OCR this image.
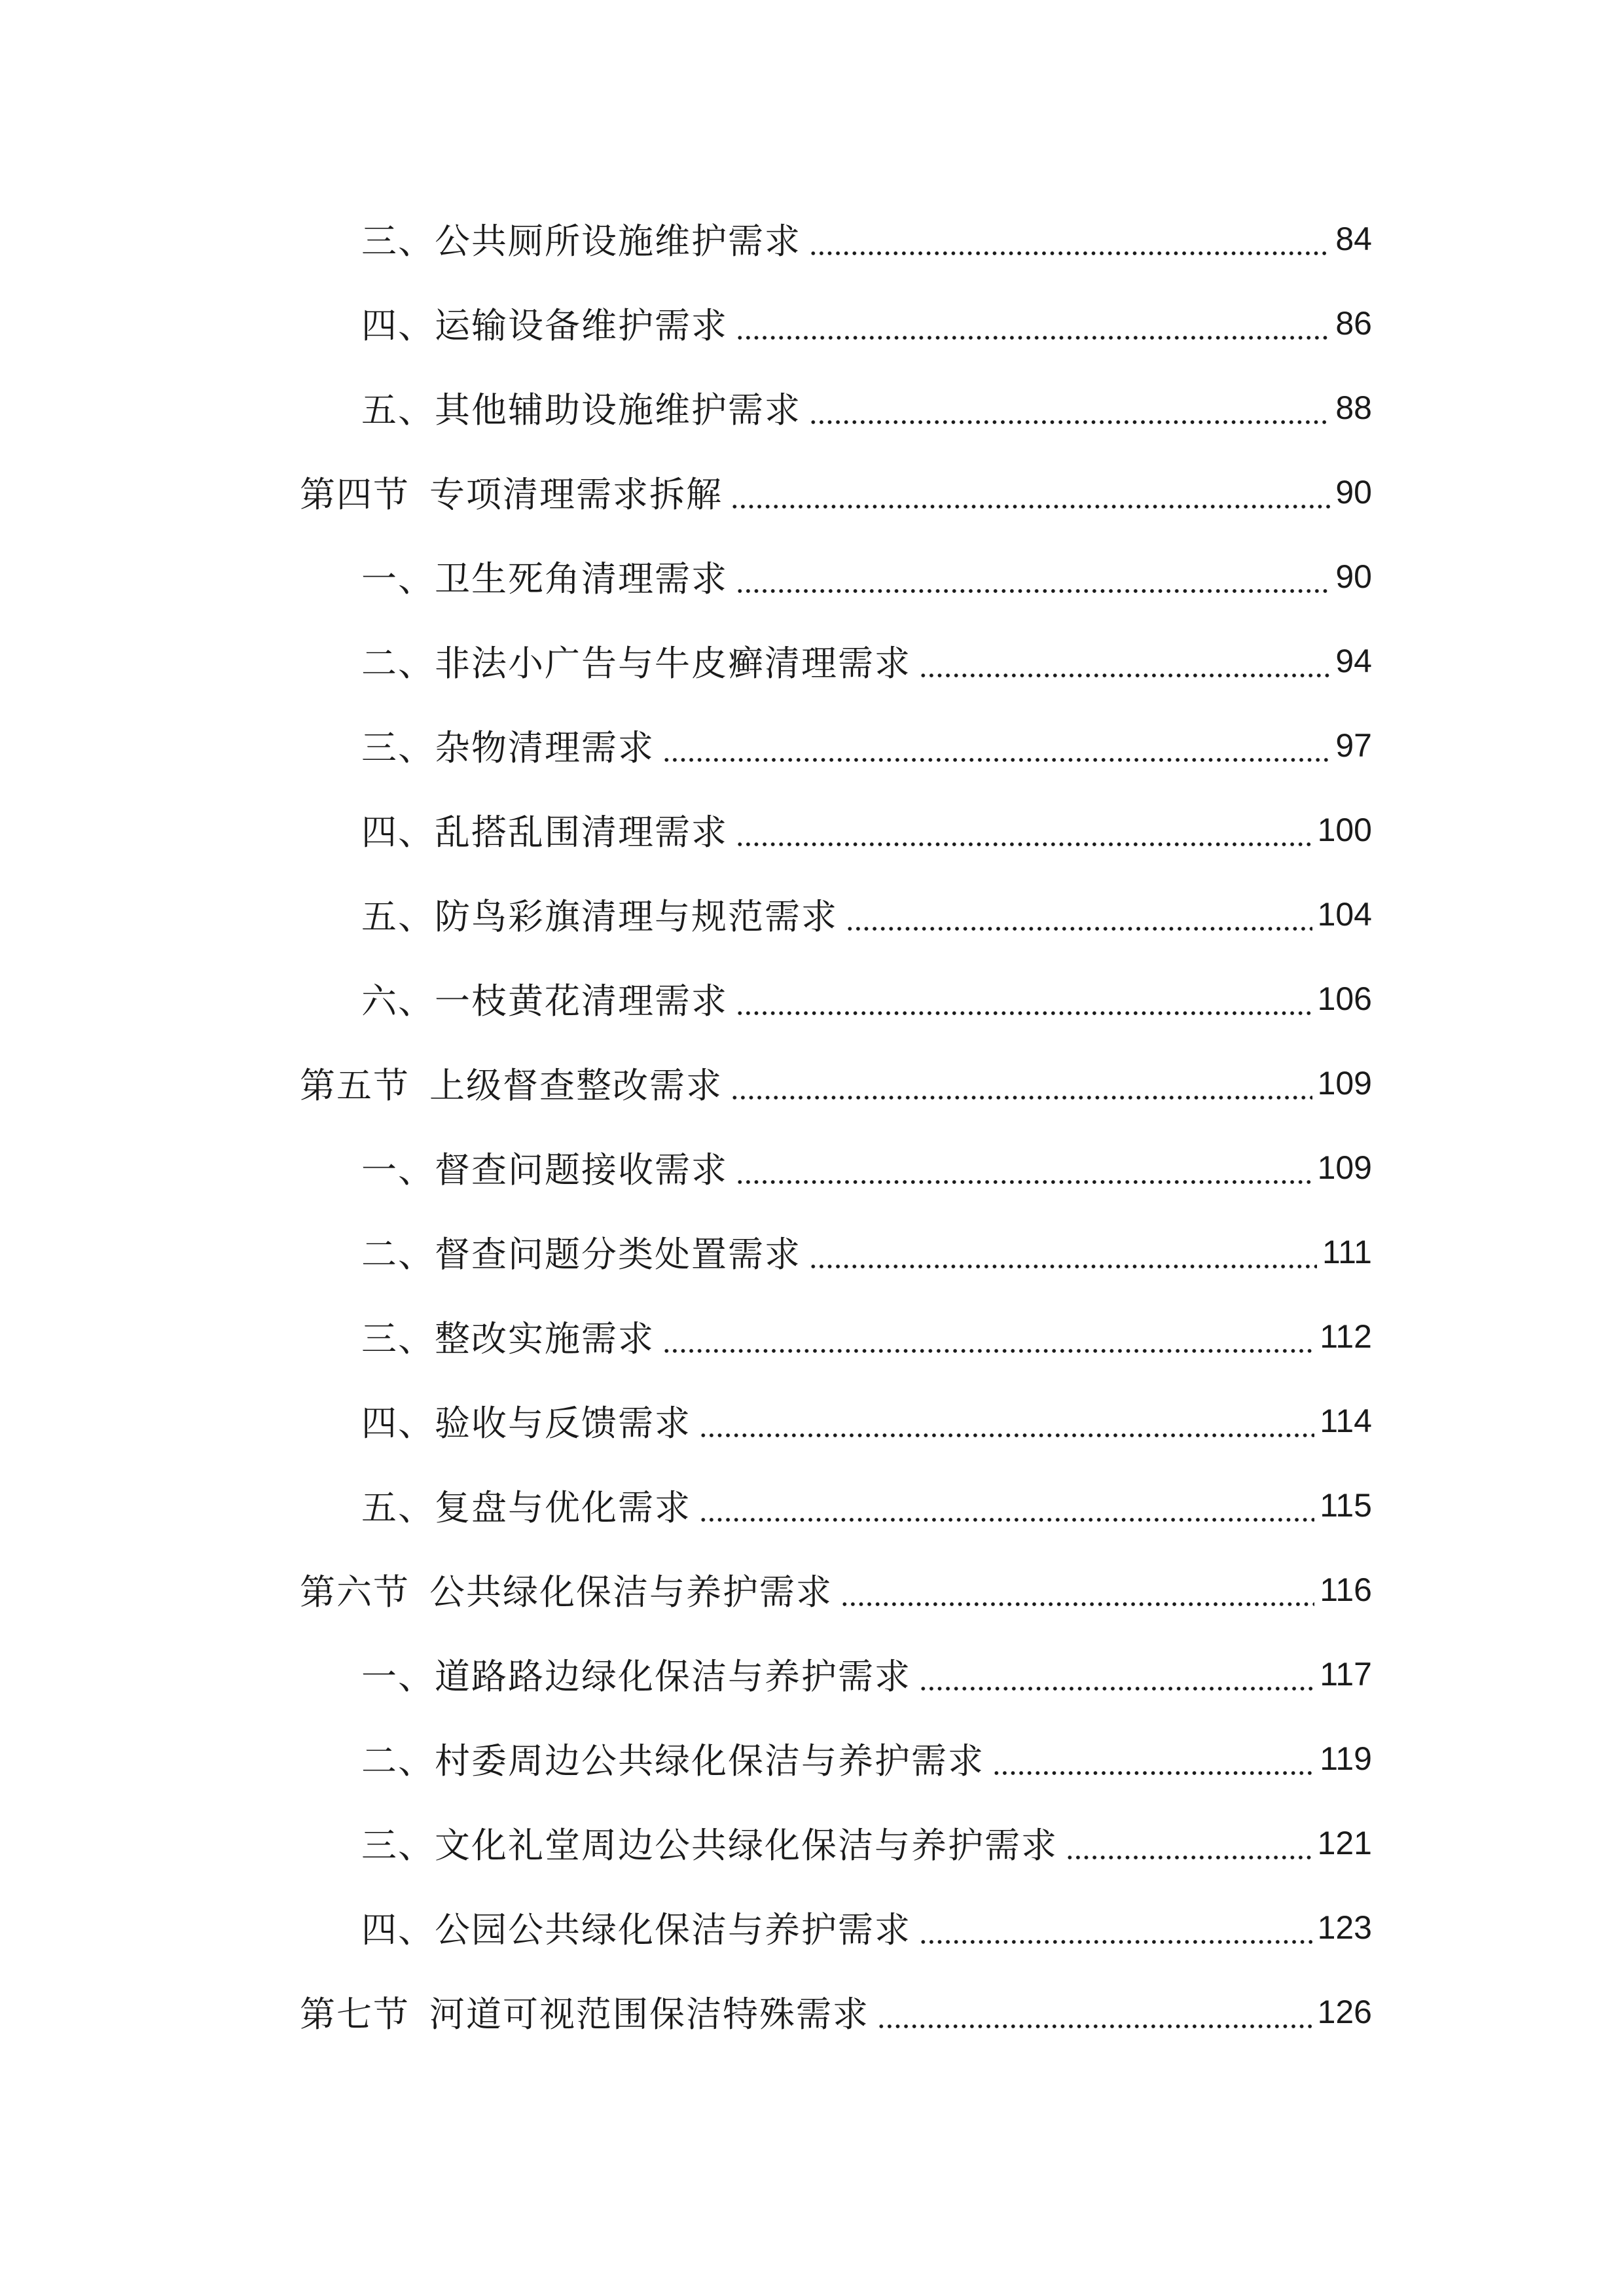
三、公共厕所设施维护需求	84
四、运输设备维护需求	86
五、其他辅助设施维护需求	88
第四节 专项清理需求拆解	90
一、卫生死角清理需求	90
二、非法小广告与牛皮癣清理需求	94
三、杂物清理需求	97
四、乱搭乱围清理需求	100
五、防鸟彩旗清理与规范需求	104
六、一枝黄花清理需求	106
第五节 上级督查整改需求	109
一、督查问题接收需求	109
二、督查问题分类处置需求	111
三、整改实施需求	112
四、验收与反馈需求	114
五、复盘与优化需求	115
第六节 公共绿化保洁与养护需求	116
一、道路路边绿化保洁与养护需求	117
二、村委周边公共绿化保洁与养护需求	119
三、文化礼堂周边公共绿化保洁与养护需求	121
四、公园公共绿化保洁与养护需求	123
第七节 河道可视范围保洁特殊需求	126
